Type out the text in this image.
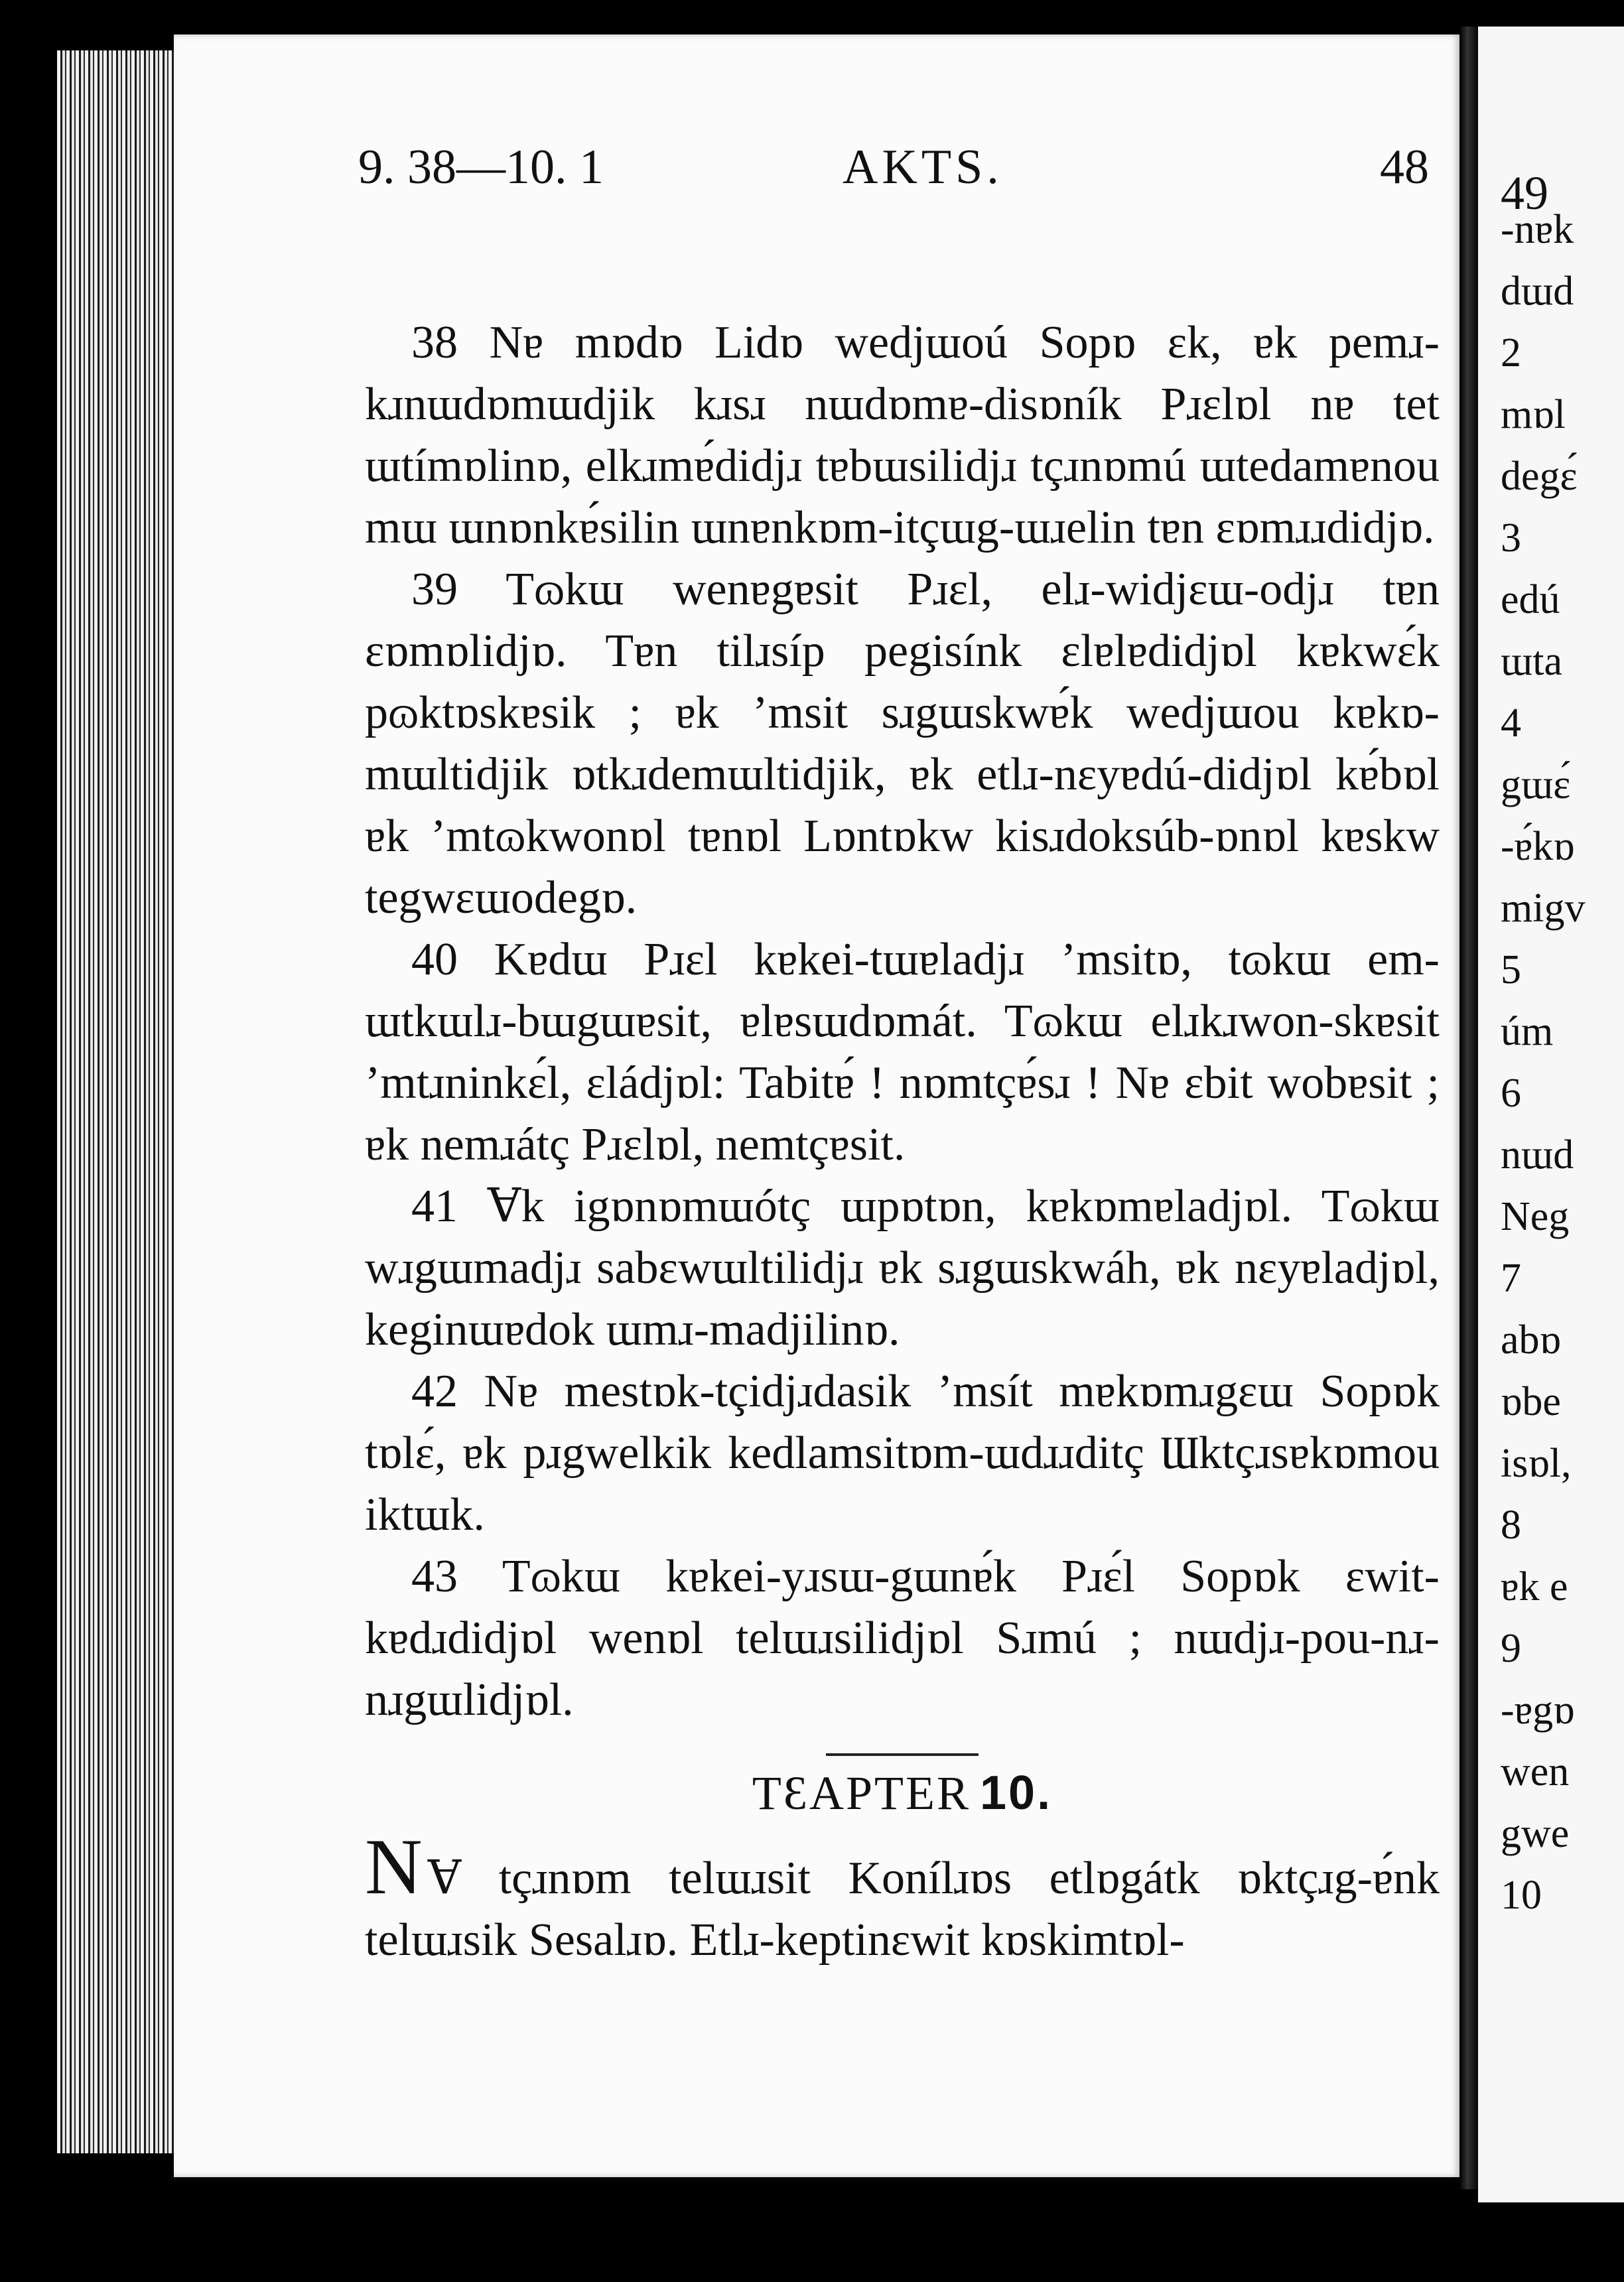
9. 38—10. 1	AKTS.	48

38 Nɐ mɒdɒ Lidɒ wedjɯoú Sopɒ ɛk, ɐk pemɹ-kɹnɯdɒmɯdjik kɹsɹ nɯdɒmɐ-disɒník Pɹɛlɒl nɐ tet ɯtímɒlinɒ, elkɹmɐ́didjɹ tɐbɯsilidjɹ tçɹnɒmú ɯtedamɐnou mɯ ɯnɒnkɐ́silin ɯnɐnkɒm-itçɯg-ɯɹelin tɐn ɛɒmɹɹdidjɒ.

39 Tɷkɯ wenɐgɐsit Pɹɛl, elɹ-widjɛɯ-odjɹ tɐn ɛɒmɒlidjɒ. Tɐn tilɹsíp pegisínk ɛlɐlɐdidjɒl kɐkwɛ́k pɷktɒskɐsik ; ɐk ’msit sɹgɯskwɐ́k wedjɯou kɐkɒ-mɯltidjik ɒtkɹdemɯltidjik, ɐk etlɹ-nɛyɐdú-didjɒl kɐ́bɒl ɐk ’mtɷkwonɒl tɐnɒl Lɒntɒkw kisɹdoksúb-ɒnɒl kɐskw tegwɛɯodegɒ.

40 Kɐdɯ Pɹɛl kɐkei-tɯɐladjɹ ’msitɒ, tɷkɯ em-ɯtkɯlɹ-bɯgɯɐsit, ɐlɐsɯdɒmát. Tɷkɯ elɹkɹwon-skɐsit ’mtɹninkɛ́l, ɛládjɒl: Tabitɐ́ ! nɒmtçɐ́sɹ ! Nɐ ɛbit wobɐsit ; ɐk nemɹátç Pɹɛlɒl, nemtçɐsit.

41 Ɐk igɒnɒmɯótç ɯpɒtɒn, kɐkɒmɐladjɒl. Tɷkɯ wɹgɯmadjɹ sabɛwɯltilidjɹ ɐk sɹgɯskwáh, ɐk nɛyɐladjɒl, keginɯɐdok ɯmɹ-madjilinɒ.

42 Nɐ mestɒk-tçidjɹdasik ’msít mɐkɒmɹgɛɯ Sopɒk tɒlɛ́, ɐk pɹgwelkik kedlamsitɒm-ɯdɹɹditç Ɯktçɹsɐkɒmou iktɯk.

43 Tɷkɯ kɐkei-yɹsɯ-gɯnɐ́k Pɹɛ́l Sopɒk ɛwit-kɐdɹdidjɒl wenɒl telɯɹsilidjɒl Sɹmú ; nɯdjɹ-pou-nɹ-nɹgɯlidjɒl.

TƐAPTER 10.

N Ɐ tçɹnɒm telɯɹsit Konílɹɒs etlɒgátk ɒktçɹg-ɐ́nk telɯɹsik Sesalɹɒ. Etlɹ-keptinɛwit kɒskimtɒl-

49
-nɐk
dɯd
2
mɒl
degɛ́
3
edú
ɯta
4
gɯɛ́
-ɐ́kɒ
migv
5
úm
6
nɯd
Neg
7
abɒ
ɒbe
isɒl,
8
ɐk e
9
-ɐgɒ
wen
gwe
10
